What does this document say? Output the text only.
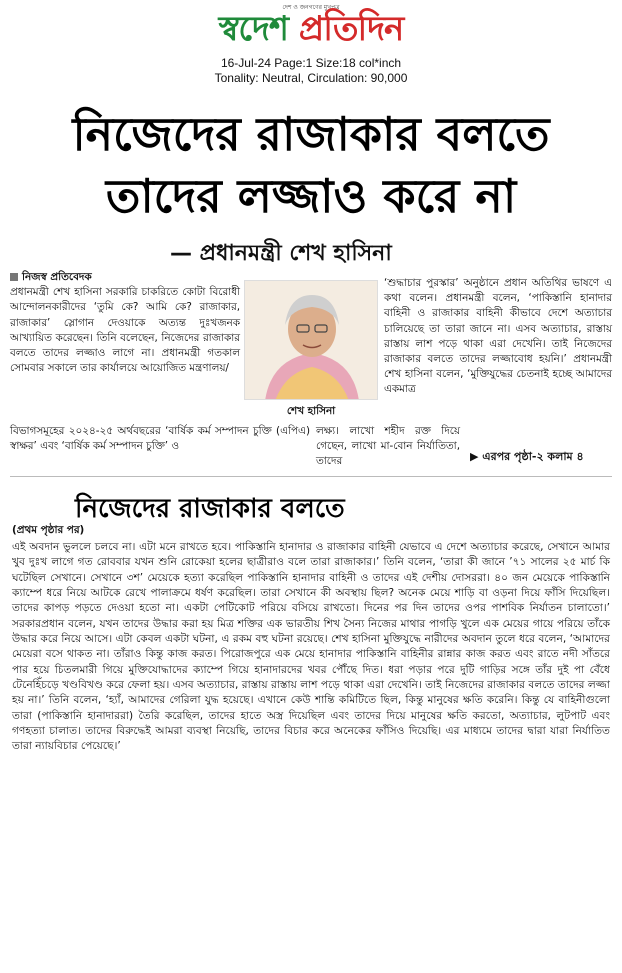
দেশ ও জনগণের মুখপত্র
স্বদেশ প্রতিদিন
16-Jul-24 Page:1 Size:18 col*inch
Tonality: Neutral, Circulation: 90,000
নিজেদের রাজাকার বলতে
তাদের লজ্জাও করে না
— প্রধানমন্ত্রী শেখ হাসিনা
নিজস্ব প্রতিবেদক
প্রধানমন্ত্রী শেখ হাসিনা সরকারি চাকরিতে কোটা বিরোধী আন্দোলনকারীদের ‘তুমি কে? আমি কে? রাজাকার, রাজাকার’ স্লোগান দেওয়াকে অত্যন্ত দুঃখজনক আখ্যায়িত করেছেন। তিনি বলেছেন, নিজেদের রাজাকার বলতে তাদের লজ্জাও লাগে না। প্রধানমন্ত্রী গতকাল সোমবার সকালে তার কার্যালয়ে আয়োজিত মন্ত্রণালয়/
শেখ হাসিনা
‘শুদ্ধাচার পুরস্কার’ অনুষ্ঠানে প্রধান অতিথির ভাষণে এ কথা বলেন। প্রধানমন্ত্রী বলেন, ‘পাকিস্তানি হানাদার বাহিনী ও রাজাকার বাহিনী কীভাবে দেশে অত্যাচার চালিয়েছে তা তারা জানে না। এসব অত্যাচার, রাস্তায় রাস্তায় লাশ পড়ে থাকা এরা দেখেনি। তাই নিজেদের রাজাকার বলতে তাদের লজ্জাবোধ হয়নি।’ প্রধানমন্ত্রী শেখ হাসিনা বলেন, ‘মুক্তিযুদ্ধের চেতনাই হচ্ছে আমাদের একমাত্র
বিভাগসমূহের ২০২৪-২৫ অর্থবছরের ‘বার্ষিক কর্ম সম্পাদন চুক্তি (এপিএ) স্বাক্ষর’ এবং ‘বার্ষিক কর্ম সম্পাদন চুক্তি’ ও
লক্ষ্য। লাখো শহীদ রক্ত দিয়ে গেছেন, লাখো মা-বোন নির্যাতিতা, তাদের	▶ এরপর পৃষ্ঠা-২ কলাম ৪
নিজেদের রাজাকার বলতে
(প্রথম পৃষ্ঠার পর)
এই অবদান ভুললে চলবে না। এটা মনে রাখতে হবে। পাকিস্তানি হানাদার ও রাজাকার বাহিনী যেভাবে এ দেশে অত্যাচার করেছে, সেখানে আমার খুব দুঃখ লাগে গত রোববার যখন শুনি রোকেয়া হলের ছাত্রীরাও বলে তারা রাজাকার।’ তিনি বলেন, ‘তারা কী জানে ’৭১ সালের ২৫ মার্চ কি ঘটেছিল সেখানে। সেখানে ৩শ’ মেয়েকে হত্যা করেছিল পাকিস্তানি হানাদার বাহিনী ও তাদের এই দেশীয় দোসররা। ৪০ জন মেয়েকে পাকিস্তানি ক্যাম্পে ধরে নিয়ে আটকে রেখে পালাক্রমে ধর্ষণ করেছিল। তারা সেখানে কী অবস্থায় ছিল? অনেক মেয়ে শাড়ি বা ওড়না দিয়ে ফাঁসি দিয়েছিল। তাদের কাপড় পড়তে দেওয়া হতো না। একটা পেটিকোট পরিয়ে বসিয়ে রাখতো। দিনের পর দিন তাদের ওপর পাশবিক নির্যাতন চালাতো।’ সরকারপ্রধান বলেন, যখন তাদের উদ্ধার করা হয় মিত্র শক্তির এক ভারতীয় শিখ সৈন্য নিজের মাথার পাগড়ি খুলে এক মেয়ের গায়ে পরিয়ে তাঁকে উদ্ধার করে নিয়ে আসে। এটা কেবল একটা ঘটনা, এ রকম বহু ঘটনা রয়েছে। শেখ হাসিনা মুক্তিযুদ্ধে নারীদের অবদান তুলে ধরে বলেন, ‘আমাদের মেয়েরা বসে থাকত না। তাঁরাও কিন্তু কাজ করত। পিরোজপুরে এক মেয়ে হানাদার পাকিস্তানি বাহিনীর রান্নার কাজ করত এবং রাতে নদী সাঁতরে পার হয়ে চিতলমারী গিয়ে মুক্তিযোদ্ধাদের ক্যাম্পে গিয়ে হানাদারদের খবর পৌঁছে দিত। ধরা পড়ার পরে দুটি গাড়ির সঙ্গে তাঁর দুই পা বেঁধে টেনেহিঁচড়ে খণ্ডবিখণ্ড করে ফেলা হয়। এসব অত্যাচার, রাস্তায় রাস্তায় লাশ পড়ে থাকা এরা দেখেনি। তাই নিজেদের রাজাকার বলতে তাদের লজ্জা হয় না।’ তিনি বলেন, ‘হ্যাঁ, আমাদের গেরিলা যুদ্ধ হয়েছে। এখানে কেউ শান্তি কমিটিতে ছিল, কিন্তু মানুষের ক্ষতি করেনি। কিন্তু যে বাহিনীগুলো তারা (পাকিস্তানি হানাদাররা) তৈরি করেছিল, তাদের হাতে অস্ত্র দিয়েছিল এবং তাদের দিয়ে মানুষের ক্ষতি করতো, অত্যাচার, লুটপাট এবং গণহত্যা চালাত। তাদের বিরুদ্ধেই আমরা ব্যবস্থা নিয়েছি, তাদের বিচার করে অনেকের ফাঁসিও দিয়েছি। এর মাধ্যমে তাদের দ্বারা যারা নির্যাতিত তারা ন্যায়বিচার পেয়েছে।’
